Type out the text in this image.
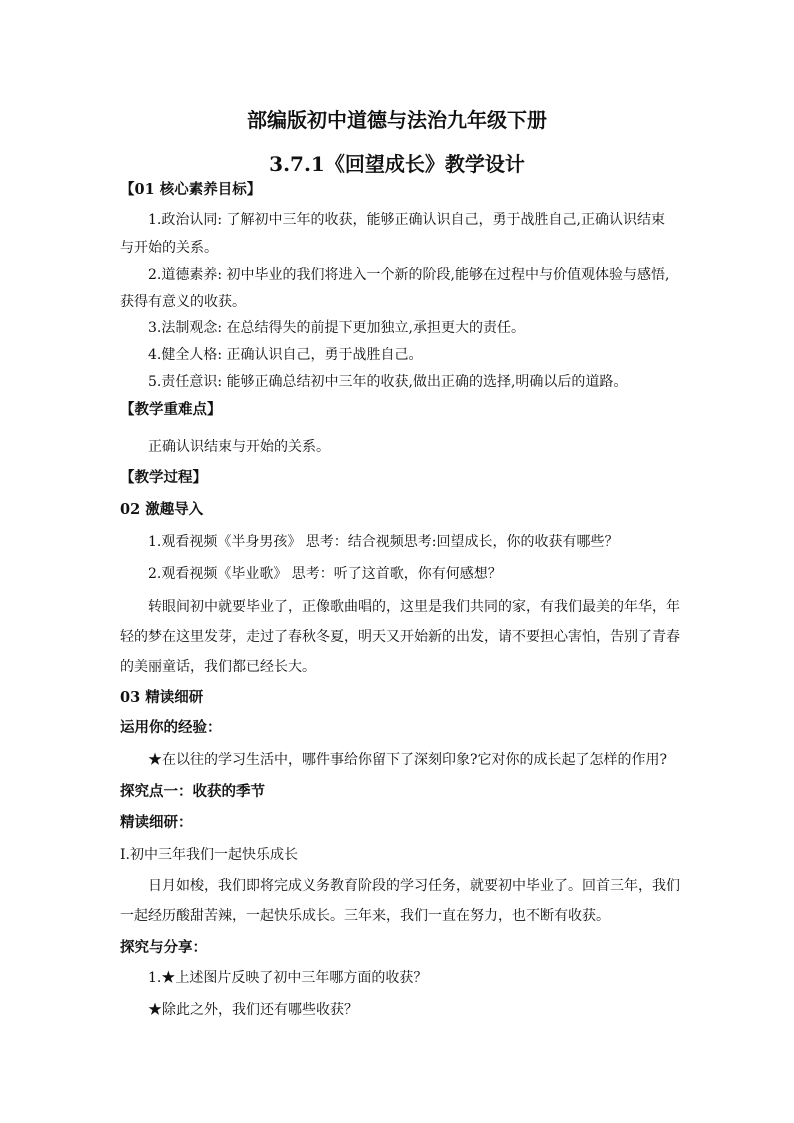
部编版初中道德与法治九年级下册
3.7.1《回望成长》教学设计
【01 核心素养目标】
1.政治认同: 了解初中三年的收获，能够正确认识自己，勇于战胜自己,正确认识结束
与开始的关系。
2.道德素养: 初中毕业的我们将进入一个新的阶段,能够在过程中与价值观体验与感悟,
获得有意义的收获。
3.法制观念: 在总结得失的前提下更加独立,承担更大的责任。
4.健全人格: 正确认识自己，勇于战胜自己。
5.责任意识: 能够正确总结初中三年的收获,做出正确的选择,明确以后的道路。
【教学重难点】
正确认识结束与开始的关系。
【教学过程】
02 激趣导入
1.观看视频《半身男孩》 思考：结合视频思考:回望成长，你的收获有哪些？
2.观看视频《毕业歌》 思考：听了这首歌，你有何感想？
转眼间初中就要毕业了，正像歌曲唱的，这里是我们共同的家，有我们最美的年华，年
轻的梦在这里发芽，走过了春秋冬夏，明天又开始新的出发，请不要担心害怕，告别了青春
的美丽童话，我们都已经长大。
03 精读细研
运用你的经验：
★在以往的学习生活中，哪件事给你留下了深刻印象?它对你的成长起了怎样的作用?
探究点一：收获的季节
精读细研：
Ⅰ.初中三年我们一起快乐成长
日月如梭，我们即将完成义务教育阶段的学习任务，就要初中毕业了。回首三年，我们
一起经历酸甜苦辣，一起快乐成长。三年来，我们一直在努力，也不断有收获。
探究与分享：
1.★上述图片反映了初中三年哪方面的收获？
★除此之外，我们还有哪些收获？
